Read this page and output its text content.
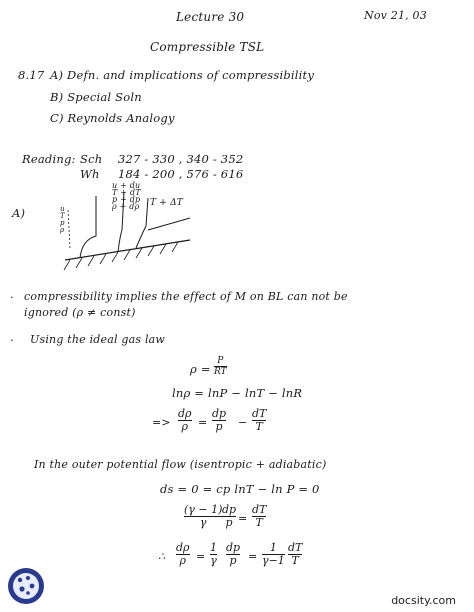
Lecture 30	Nov 21, 03
Compressible TSL
8.17 A) Defn. and implications of compressibility
B) Special Soln
C) Reynolds Analogy
Reading: Sch 327 - 330 , 340 - 352
Wh 184 - 200 , 576 - 616
A)
u + du
T + dT
p + dp
ρ + dρ T + ΔT
u
T
p
ρ
· compressibility implies the effect of M on BL can not be
ignored (ρ ≠ const)
· Using the ideal gas law
ρ =
P
RT
lnρ = lnP − lnT − lnR
=>
dρ
ρ =
dp
p −
dT
T
In the outer potential flow (isentropic + adiabatic)
ds = 0 = cp lnT − ln P = 0
(γ − 1)
γ
dp
p =
dT
T
∴
dρ
ρ =
1
γ
dp
p =
1
γ−1
dT
T
docsity.com
